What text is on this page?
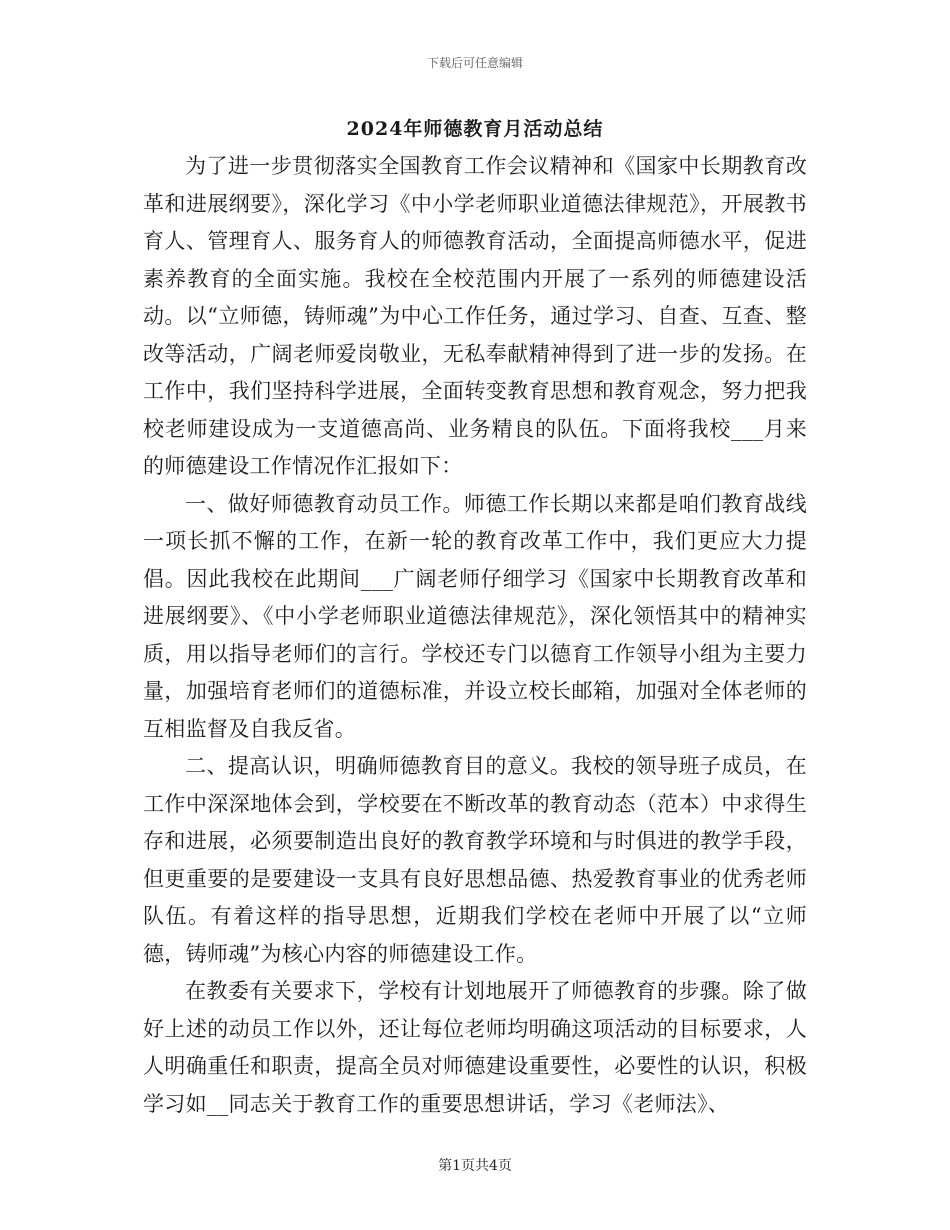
下载后可任意编辑
2024年师德教育月活动总结

为了进一步贯彻落实全国教育工作会议精神和《国家中长期教育改革和进展纲要》，深化学习《中小学老师职业道德法律规范》，开展教书育人、管理育人、服务育人的师德教育活动，全面提高师德水平，促进素养教育的全面实施。我校在全校范围内开展了一系列的师德建设活动。以“立师德，铸师魂”为中心工作任务，通过学习、自查、互查、整改等活动，广阔老师爱岗敬业，无私奉献精神得到了进一步的发扬。在工作中，我们坚持科学进展，全面转变教育思想和教育观念，努力把我校老师建设成为一支道德高尚、业务精良的队伍。下面将我校___月来的师德建设工作情况作汇报如下：

一、做好师德教育动员工作。师德工作长期以来都是咱们教育战线一项长抓不懈的工作，在新一轮的教育改革工作中，我们更应大力提倡。因此我校在此期间___广阔老师仔细学习《国家中长期教育改革和进展纲要》、《中小学老师职业道德法律规范》，深化领悟其中的精神实质，用以指导老师们的言行。学校还专门以德育工作领导小组为主要力量，加强培育老师们的道德标准，并设立校长邮箱，加强对全体老师的互相监督及自我反省。

二、提高认识，明确师德教育目的意义。我校的领导班子成员，在工作中深深地体会到，学校要在不断改革的教育动态（范本）中求得生存和进展，必须要制造出良好的教育教学环境和与时俱进的教学手段，但更重要的是要建设一支具有良好思想品德、热爱教育事业的优秀老师队伍。有着这样的指导思想，近期我们学校在老师中开展了以“立师德，铸师魂”为核心内容的师德建设工作。

在教委有关要求下，学校有计划地展开了师德教育的步骤。除了做好上述的动员工作以外，还让每位老师均明确这项活动的目标要求，人人明确重任和职责，提高全员对师德建设重要性，必要性的认识，积极学习如__同志关于教育工作的重要思想讲话，学习《老师法》、

第1页共4页
